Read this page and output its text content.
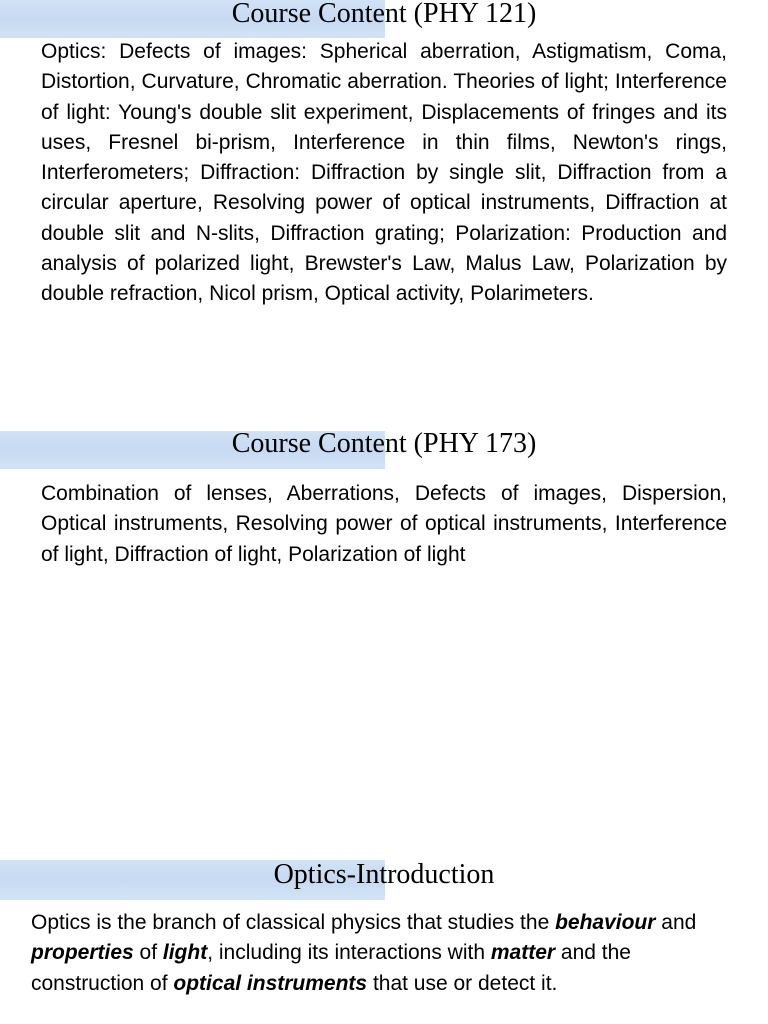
Course Content (PHY 121)

Optics: Defects of images: Spherical aberration, Astigmatism, Coma, Distortion, Curvature, Chromatic aberration. Theories of light; Interference of light: Young's double slit experiment, Displacements of fringes and its uses, Fresnel bi-prism, Interference in thin films, Newton's rings, Interferometers; Diffraction: Diffraction by single slit, Diffraction from a circular aperture, Resolving power of optical instruments, Diffraction at double slit and N-slits, Diffraction grating; Polarization: Production and analysis of polarized light, Brewster's Law, Malus Law, Polarization by double refraction, Nicol prism, Optical activity, Polarimeters.

Course Content (PHY 173)

Combination of lenses, Aberrations, Defects of images, Dispersion, Optical instruments, Resolving power of optical instruments, Interference of light, Diffraction of light, Polarization of light

Optics-Introduction

Optics is the branch of classical physics that studies the behaviour and properties of light, including its interactions with matter and the construction of optical instruments that use or detect it.
